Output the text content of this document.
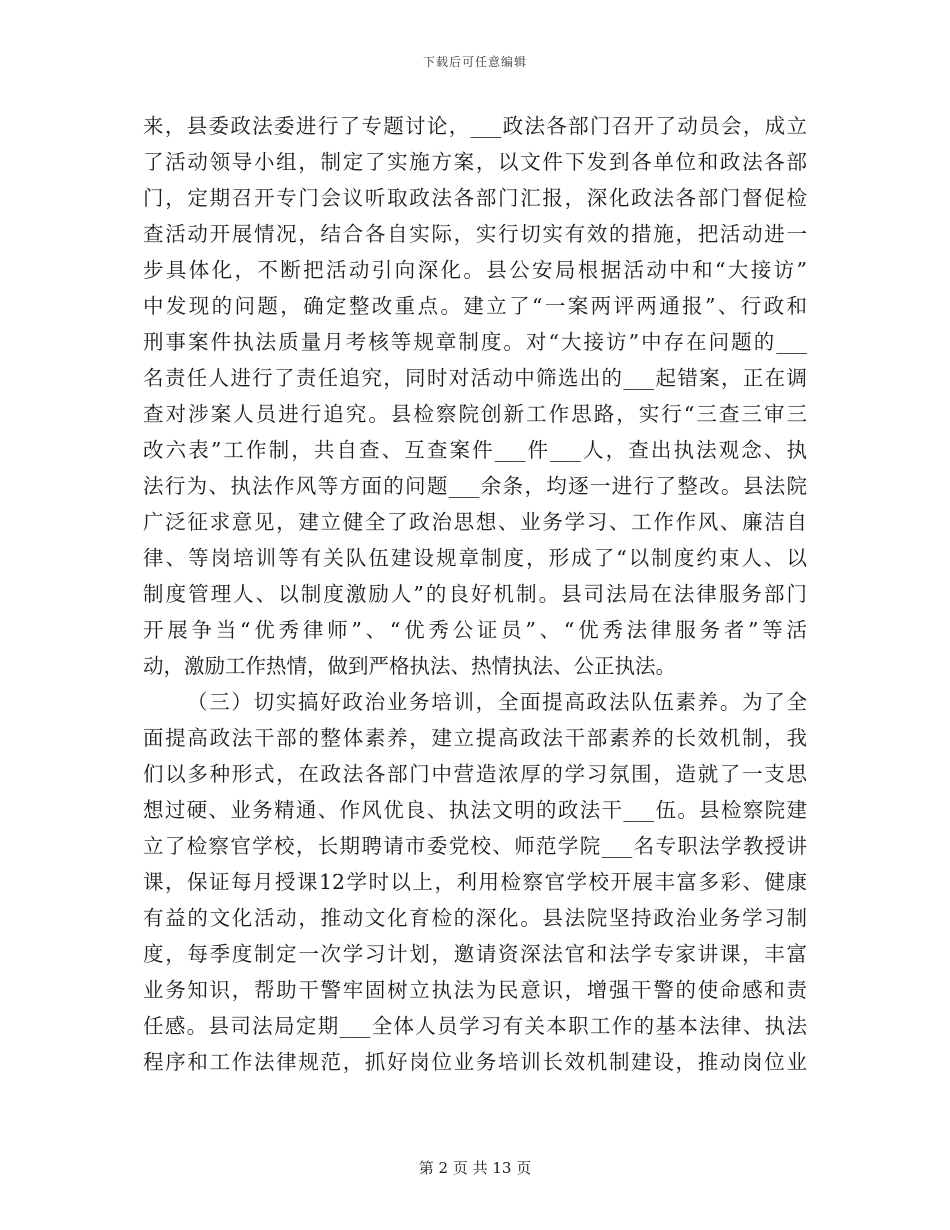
下载后可任意编辑
来，县委政法委进行了专题讨论，___政法各部门召开了动员会，成立
了活动领导小组，制定了实施方案，以文件下发到各单位和政法各部
门，定期召开专门会议听取政法各部门汇报，深化政法各部门督促检
查活动开展情况，结合各自实际，实行切实有效的措施，把活动进一
步具体化，不断把活动引向深化。县公安局根据活动中和“大接访”
中发现的问题，确定整改重点。建立了“一案两评两通报”、行政和
刑事案件执法质量月考核等规章制度。对“大接访”中存在问题的___
名责任人进行了责任追究，同时对活动中筛选出的___起错案，正在调
查对涉案人员进行追究。县检察院创新工作思路，实行“三查三审三
改六表”工作制，共自查、互查案件___件___人，查出执法观念、执
法行为、执法作风等方面的问题___余条，均逐一进行了整改。县法院
广泛征求意见，建立健全了政治思想、业务学习、工作作风、廉洁自
律、等岗培训等有关队伍建设规章制度，形成了“以制度约束人、以
制度管理人、以制度激励人”的良好机制。县司法局在法律服务部门
开展争当“优秀律师”、“优秀公证员”、“优秀法律服务者”等活
动，激励工作热情，做到严格执法、热情执法、公正执法。
（三）切实搞好政治业务培训，全面提高政法队伍素养。为了全
面提高政法干部的整体素养，建立提高政法干部素养的长效机制，我
们以多种形式，在政法各部门中营造浓厚的学习氛围，造就了一支思
想过硬、业务精通、作风优良、执法文明的政法干___伍。县检察院建
立了检察官学校，长期聘请市委党校、师范学院___名专职法学教授讲
课，保证每月授课12学时以上，利用检察官学校开展丰富多彩、健康
有益的文化活动，推动文化育检的深化。县法院坚持政治业务学习制
度，每季度制定一次学习计划，邀请资深法官和法学专家讲课，丰富
业务知识，帮助干警牢固树立执法为民意识，增强干警的使命感和责
任感。县司法局定期___全体人员学习有关本职工作的基本法律、执法
程序和工作法律规范，抓好岗位业务培训长效机制建设，推动岗位业
第 2 页 共 13 页
